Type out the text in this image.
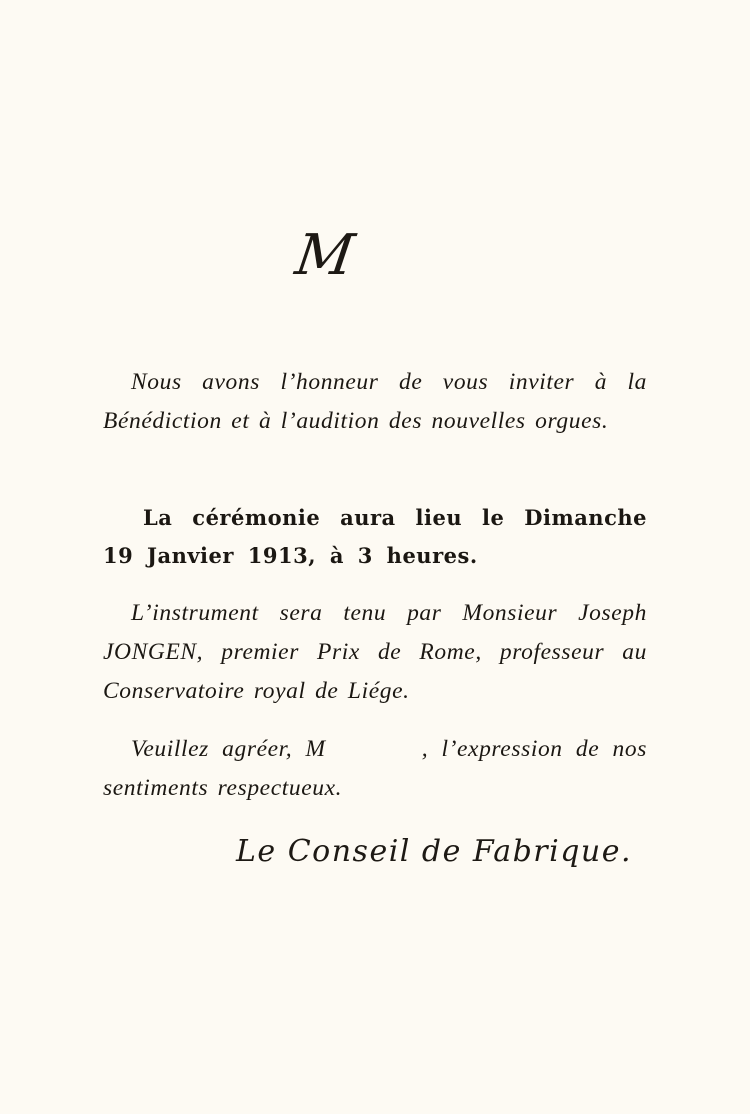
M

Nous avons l’honneur de vous inviter à la Bénédiction et à l’audition des nouvelles orgues.

La cérémonie aura lieu le Dimanche 19 Janvier 1913, à 3 heures.

L’instrument sera tenu par Monsieur Joseph JONGEN, premier Prix de Rome, professeur au Conservatoire royal de Liége.

Veuillez agréer, M	, l’expression de nos sentiments respectueux.

Le Conseil de Fabrique.
